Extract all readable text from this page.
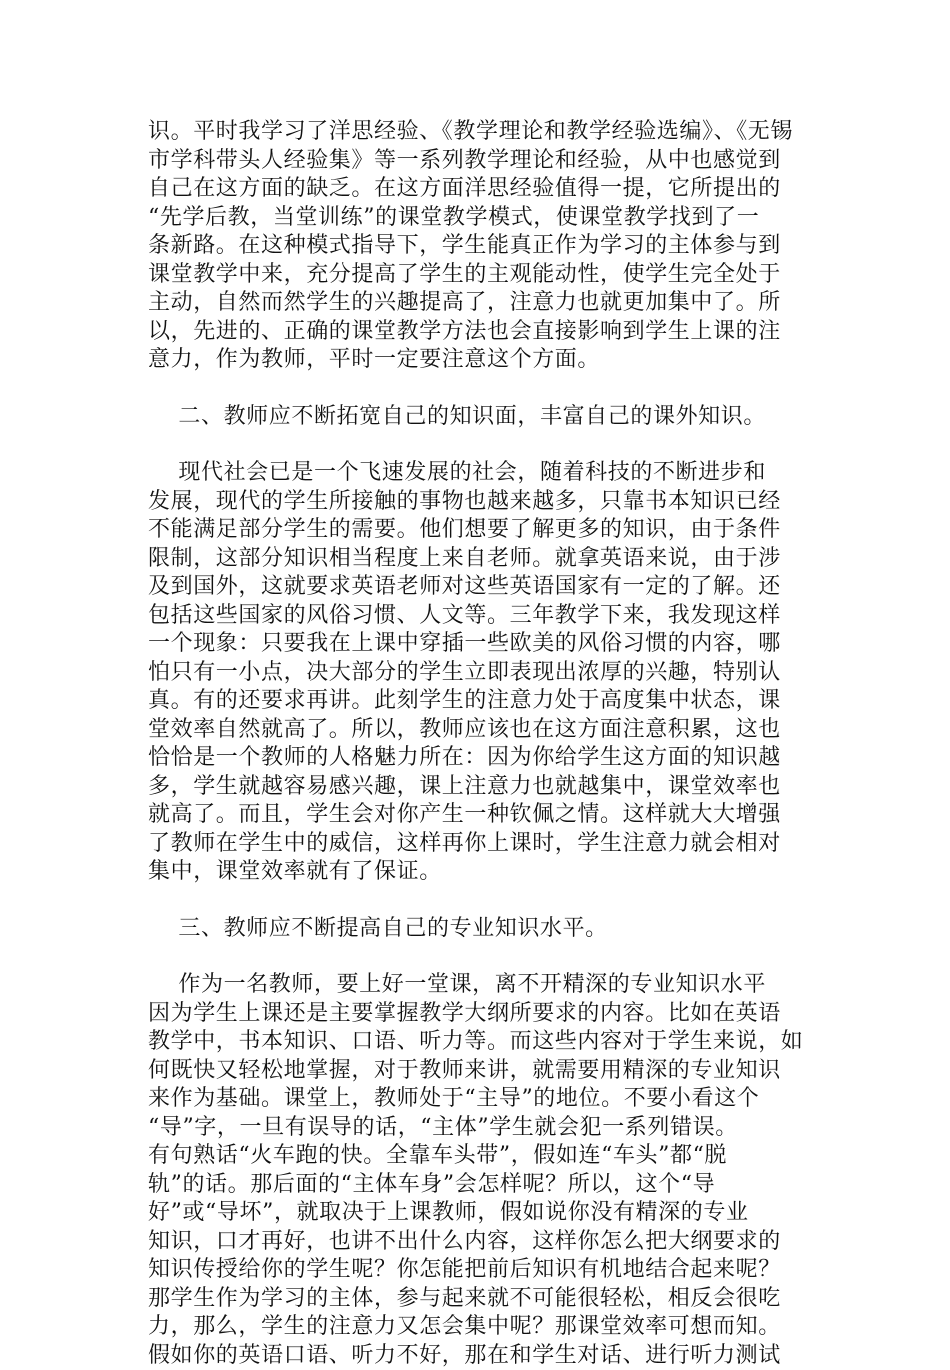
识。平时我学习了洋思经验、《教学理论和教学经验选编》、《无锡
市学科带头人经验集》等一系列教学理论和经验，从中也感觉到
自己在这方面的缺乏。在这方面洋思经验值得一提，它所提出的
“先学后教，当堂训练”的课堂教学模式，使课堂教学找到了一
条新路。在这种模式指导下，学生能真正作为学习的主体参与到
课堂教学中来，充分提高了学生的主观能动性，使学生完全处于
主动，自然而然学生的兴趣提高了，注意力也就更加集中了。所
以，先进的、正确的课堂教学方法也会直接影响到学生上课的注
意力，作为教师，平时一定要注意这个方面。

二、教师应不断拓宽自己的知识面，丰富自己的课外知识。

现代社会已是一个飞速发展的社会，随着科技的不断进步和
发展，现代的学生所接触的事物也越来越多，只靠书本知识已经
不能满足部分学生的需要。他们想要了解更多的知识，由于条件
限制，这部分知识相当程度上来自老师。就拿英语来说，由于涉
及到国外，这就要求英语老师对这些英语国家有一定的了解。还
包括这些国家的风俗习惯、人文等。三年教学下来，我发现这样
一个现象：只要我在上课中穿插一些欧美的风俗习惯的内容，哪
怕只有一小点，决大部分的学生立即表现出浓厚的兴趣，特别认
真。有的还要求再讲。此刻学生的注意力处于高度集中状态，课
堂效率自然就高了。所以，教师应该也在这方面注意积累，这也
恰恰是一个教师的人格魅力所在：因为你给学生这方面的知识越
多，学生就越容易感兴趣，课上注意力也就越集中，课堂效率也
就高了。而且，学生会对你产生一种钦佩之情。这样就大大增强
了教师在学生中的威信，这样再你上课时，学生注意力就会相对
集中，课堂效率就有了保证。

三、教师应不断提高自己的专业知识水平。

作为一名教师，要上好一堂课，离不开精深的专业知识水平
因为学生上课还是主要掌握教学大纲所要求的内容。比如在英语
教学中，书本知识、口语、听力等。而这些内容对于学生来说，如
何既快又轻松地掌握，对于教师来讲，就需要用精深的专业知识
来作为基础。课堂上，教师处于“主导”的地位。不要小看这个
“导”字，一旦有误导的话，“主体”学生就会犯一系列错误。
有句熟话“火车跑的快。全靠车头带”，假如连“车头”都“脱
轨”的话。那后面的“主体车身”会怎样呢？所以，这个“导
好”或“导坏”，就取决于上课教师，假如说你没有精深的专业
知识，口才再好，也讲不出什么内容，这样你怎么把大纲要求的
知识传授给你的学生呢？你怎能把前后知识有机地结合起来呢？
那学生作为学习的主体，参与起来就不可能很轻松，相反会很吃
力，那么，学生的注意力又怎会集中呢？那课堂效率可想而知。
假如你的英语口语、听力不好，那在和学生对话、进行听力测试
